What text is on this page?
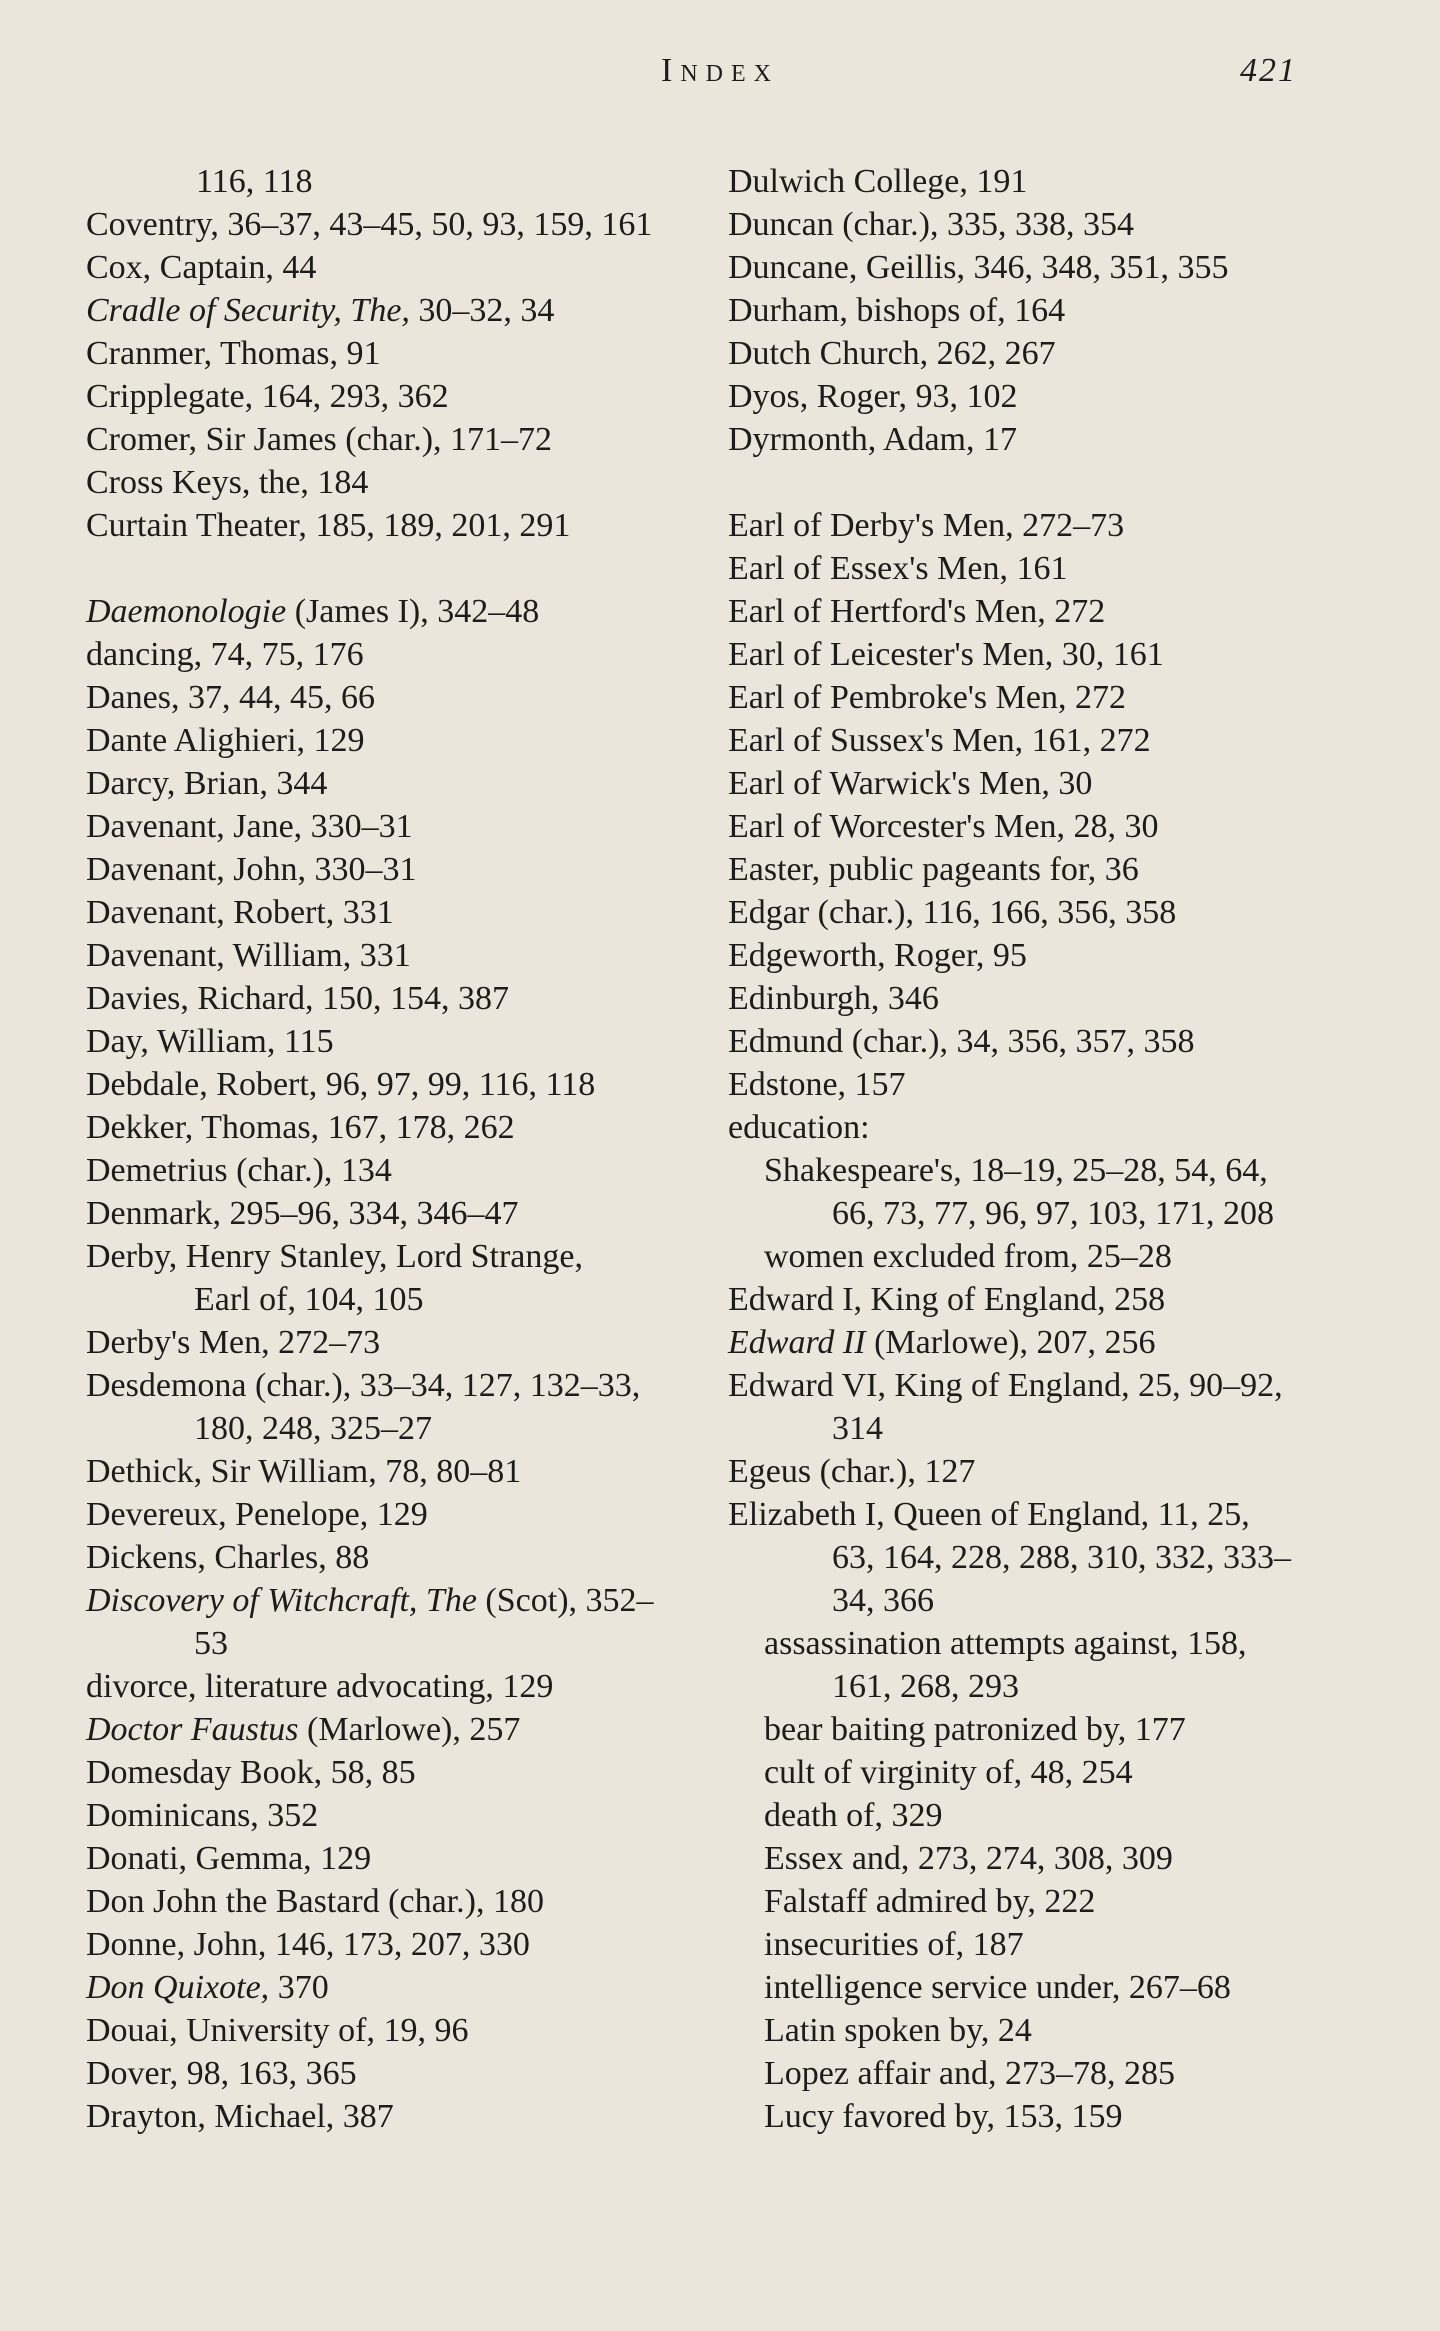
Index	421
116, 118
Coventry, 36–37, 43–45, 50, 93, 159, 161
Cox, Captain, 44
Cradle of Security, The, 30–32, 34
Cranmer, Thomas, 91
Cripplegate, 164, 293, 362
Cromer, Sir James (char.), 171–72
Cross Keys, the, 184
Curtain Theater, 185, 189, 201, 291
Daemonologie (James I), 342–48
dancing, 74, 75, 176
Danes, 37, 44, 45, 66
Dante Alighieri, 129
Darcy, Brian, 344
Davenant, Jane, 330–31
Davenant, John, 330–31
Davenant, Robert, 331
Davenant, William, 331
Davies, Richard, 150, 154, 387
Day, William, 115
Debdale, Robert, 96, 97, 99, 116, 118
Dekker, Thomas, 167, 178, 262
Demetrius (char.), 134
Denmark, 295–96, 334, 346–47
Derby, Henry Stanley, Lord Strange,
Earl of, 104, 105
Derby's Men, 272–73
Desdemona (char.), 33–34, 127, 132–33,
180, 248, 325–27
Dethick, Sir William, 78, 80–81
Devereux, Penelope, 129
Dickens, Charles, 88
Discovery of Witchcraft, The (Scot), 352–
53
divorce, literature advocating, 129
Doctor Faustus (Marlowe), 257
Domesday Book, 58, 85
Dominicans, 352
Donati, Gemma, 129
Don John the Bastard (char.), 180
Donne, John, 146, 173, 207, 330
Don Quixote, 370
Douai, University of, 19, 96
Dover, 98, 163, 365
Drayton, Michael, 387
Dulwich College, 191
Duncan (char.), 335, 338, 354
Duncane, Geillis, 346, 348, 351, 355
Durham, bishops of, 164
Dutch Church, 262, 267
Dyos, Roger, 93, 102
Dyrmonth, Adam, 17
Earl of Derby's Men, 272–73
Earl of Essex's Men, 161
Earl of Hertford's Men, 272
Earl of Leicester's Men, 30, 161
Earl of Pembroke's Men, 272
Earl of Sussex's Men, 161, 272
Earl of Warwick's Men, 30
Earl of Worcester's Men, 28, 30
Easter, public pageants for, 36
Edgar (char.), 116, 166, 356, 358
Edgeworth, Roger, 95
Edinburgh, 346
Edmund (char.), 34, 356, 357, 358
Edstone, 157
education:
Shakespeare's, 18–19, 25–28, 54, 64,
66, 73, 77, 96, 97, 103, 171, 208
women excluded from, 25–28
Edward I, King of England, 258
Edward II (Marlowe), 207, 256
Edward VI, King of England, 25, 90–92,
314
Egeus (char.), 127
Elizabeth I, Queen of England, 11, 25,
63, 164, 228, 288, 310, 332, 333–
34, 366
assassination attempts against, 158,
161, 268, 293
bear baiting patronized by, 177
cult of virginity of, 48, 254
death of, 329
Essex and, 273, 274, 308, 309
Falstaff admired by, 222
insecurities of, 187
intelligence service under, 267–68
Latin spoken by, 24
Lopez affair and, 273–78, 285
Lucy favored by, 153, 159
